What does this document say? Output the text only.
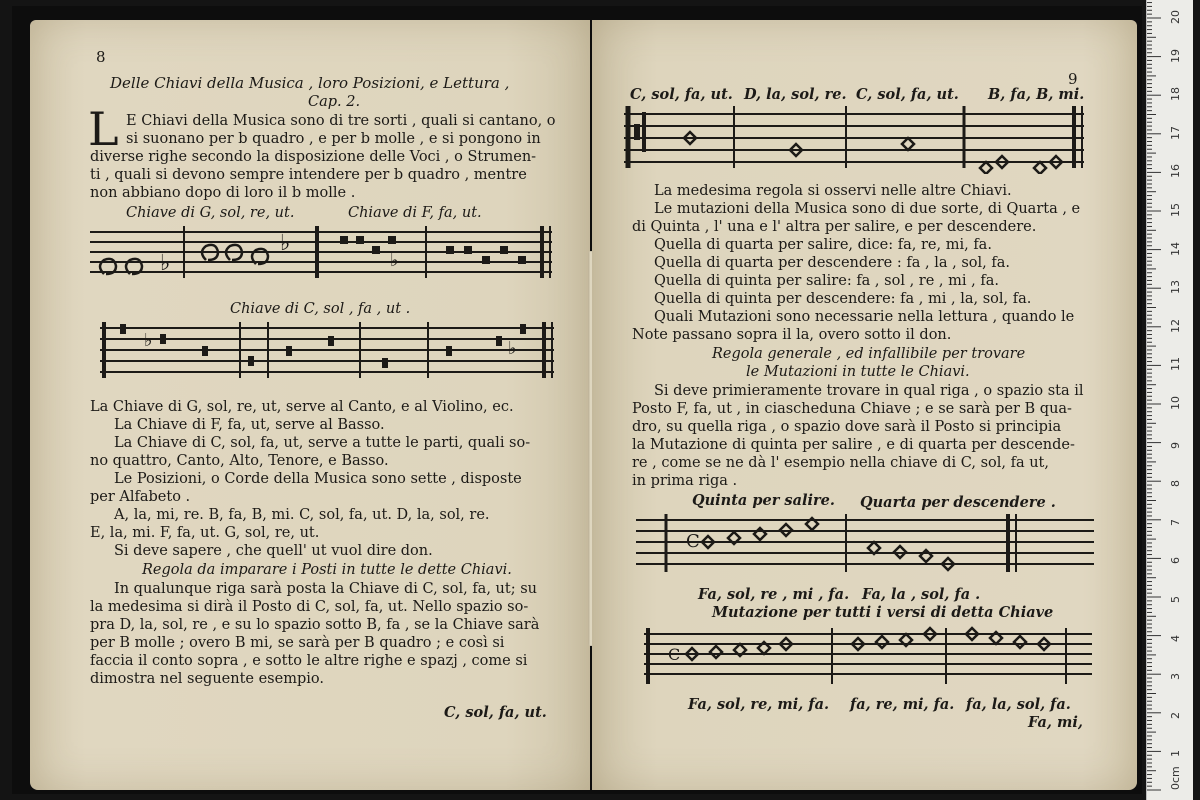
8
Delle Chiavi della Musica , loro Posizioni, e Lettura ,
Cap. 2.
L E Chiavi della Musica sono di tre sorti , quali si cantano, o
si suonano per b quadro , e per b molle , e si pongono in
diverse righe secondo la disposizione delle Voci , o Strumen-
ti , quali si devono sempre intendere per b quadro , mentre
non abbiano dopo di loro il b molle .
Chiave di G, sol, re, ut.	Chiave di F, fa, ut.
♭
♭
♭
Chiave di C, sol , fa , ut .
♭	♭
La Chiave di G, sol, re, ut, serve al Canto, e al Violino, ec.
La Chiave di F, fa, ut, serve al Basso.
La Chiave di C, sol, fa, ut, serve a tutte le parti, quali so-
no quattro, Canto, Alto, Tenore, e Basso.
Le Posizioni, o Corde della Musica sono sette , disposte
per Alfabeto .
A, la, mi, re. B, fa, B, mi. C, sol, fa, ut. D, la, sol, re.
E, la, mi. F, fa, ut. G, sol, re, ut.
Si deve sapere , che quell' ut vuol dire don.
Regola da imparare i Posti in tutte le dette Chiavi.
In qualunque riga sarà posta la Chiave di C, sol, fa, ut; su
la medesima si dirà il Posto di C, sol, fa, ut. Nello spazio so-
pra D, la, sol, re , e su lo spazio sotto B, fa , se la Chiave sarà
per B molle ; overo B mi, se sarà per B quadro ; e così si
faccia il conto sopra , e sotto le altre righe e spazj , come si
dimostra nel seguente esempio.
C, sol, fa, ut.
9
C, sol, fa, ut. D, la, sol, re. C, sol, fa, ut. B, fa, B, mi.
La medesima regola si osservi nelle altre Chiavi.
Le mutazioni della Musica sono di due sorte, di Quarta , e
di Quinta , l' una e l' altra per salire, e per descendere.
Quella di quarta per salire, dice: fa, re, mi, fa.
Quella di quarta per descendere : fa , la , sol, fa.
Quella di quinta per salire: fa , sol , re , mi , fa.
Quella di quinta per descendere: fa , mi , la, sol, fa.
Quali Mutazioni sono necessarie nella lettura , quando le
Note passano sopra il la, overo sotto il don.
Regola generale , ed infallibile per trovare
le Mutazioni in tutte le Chiavi.
Si deve primieramente trovare in qual riga , o spazio sta il
Posto F, fa, ut , in ciascheduna Chiave ; e se sarà per B qua-
dro, su quella riga , o spazio dove sarà il Posto si principia
la Mutazione di quinta per salire , e di quarta per descende-
re , come se ne dà l' esempio nella chiave di C, sol, fa ut,
in prima riga .
Quinta per salire. Quarta per descendere .
C
Fa, sol, re , mi , fa. Fa, la , sol, fa .
Mutazione per tutti i versi di detta Chiave
C
Fa, sol, re, mi, fa. fa, re, mi, fa. fa, la, sol, fa.
Fa, mi,
0cm
1
2
3
4
5
6
7
8
9
10
11
12
13
14
15
16
17
18
19
20
